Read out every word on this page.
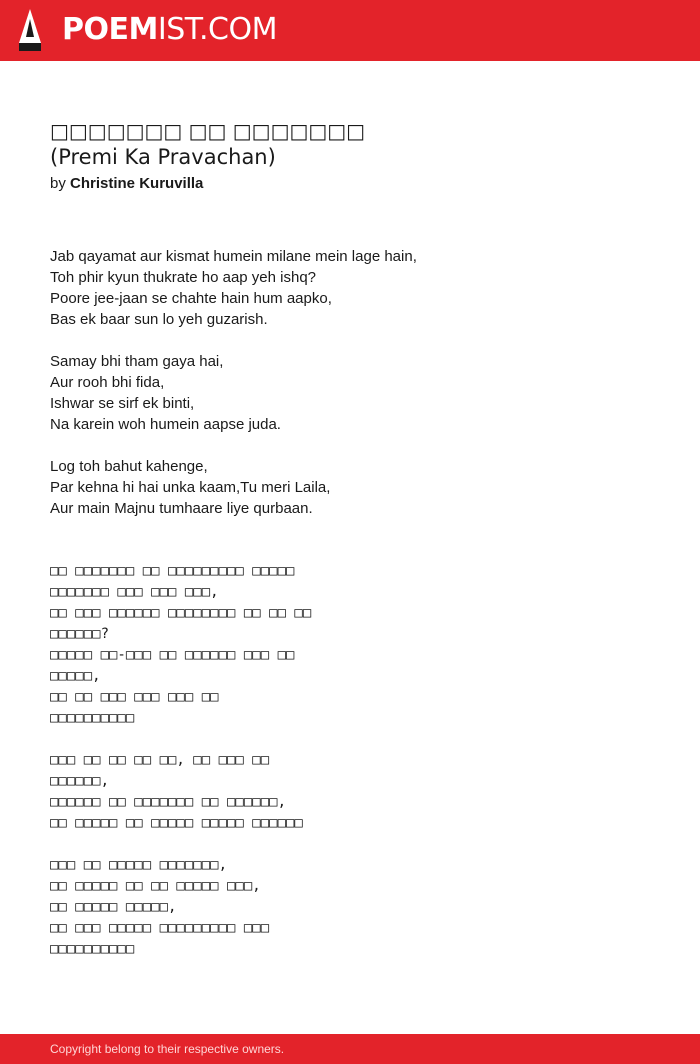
POEMIST.COM
□□□□□□□ □□ □□□□□□□
(Premi Ka Pravachan)
by Christine Kuruvilla
Jab qayamat aur kismat humein milane mein lage hain,
Toh phir kyun thukrate ho aap yeh ishq?
Poore jee-jaan se chahte hain hum aapko,
Bas ek baar sun lo yeh guzarish.
Samay bhi tham gaya hai,
Aur rooh bhi fida,
Ishwar se sirf ek binti,
Na karein woh humein aapse juda.
Log toh bahut kahenge,
Par kehna hi hai unka kaam,Tu meri Laila,
Aur main Majnu tumhaare liye qurbaan.
□□ □□□□□□□ □□ □□□□□□□□□ □□□□□
□□□□□□□ □□□ □□□ □□□,
□□ □□□ □□□□□□ □□□□□□□□ □□ □□ □□
□□□□□□?
□□□□□ □□-□□□ □□ □□□□□□ □□□ □□
□□□□□,
□□ □□ □□□ □□□ □□□ □□
□□□□□□□□□□
□□□ □□ □□ □□ □□, □□ □□□ □□
□□□□□□,
□□□□□□ □□ □□□□□□□ □□ □□□□□□,
□□ □□□□□ □□ □□□□□ □□□□□ □□□□□□
□□□ □□ □□□□□ □□□□□□□,
□□ □□□□□ □□ □□ □□□□□ □□□,
□□ □□□□□ □□□□□,
□□ □□□ □□□□□ □□□□□□□□□ □□□
□□□□□□□□□□
Copyright belong to their respective owners.
